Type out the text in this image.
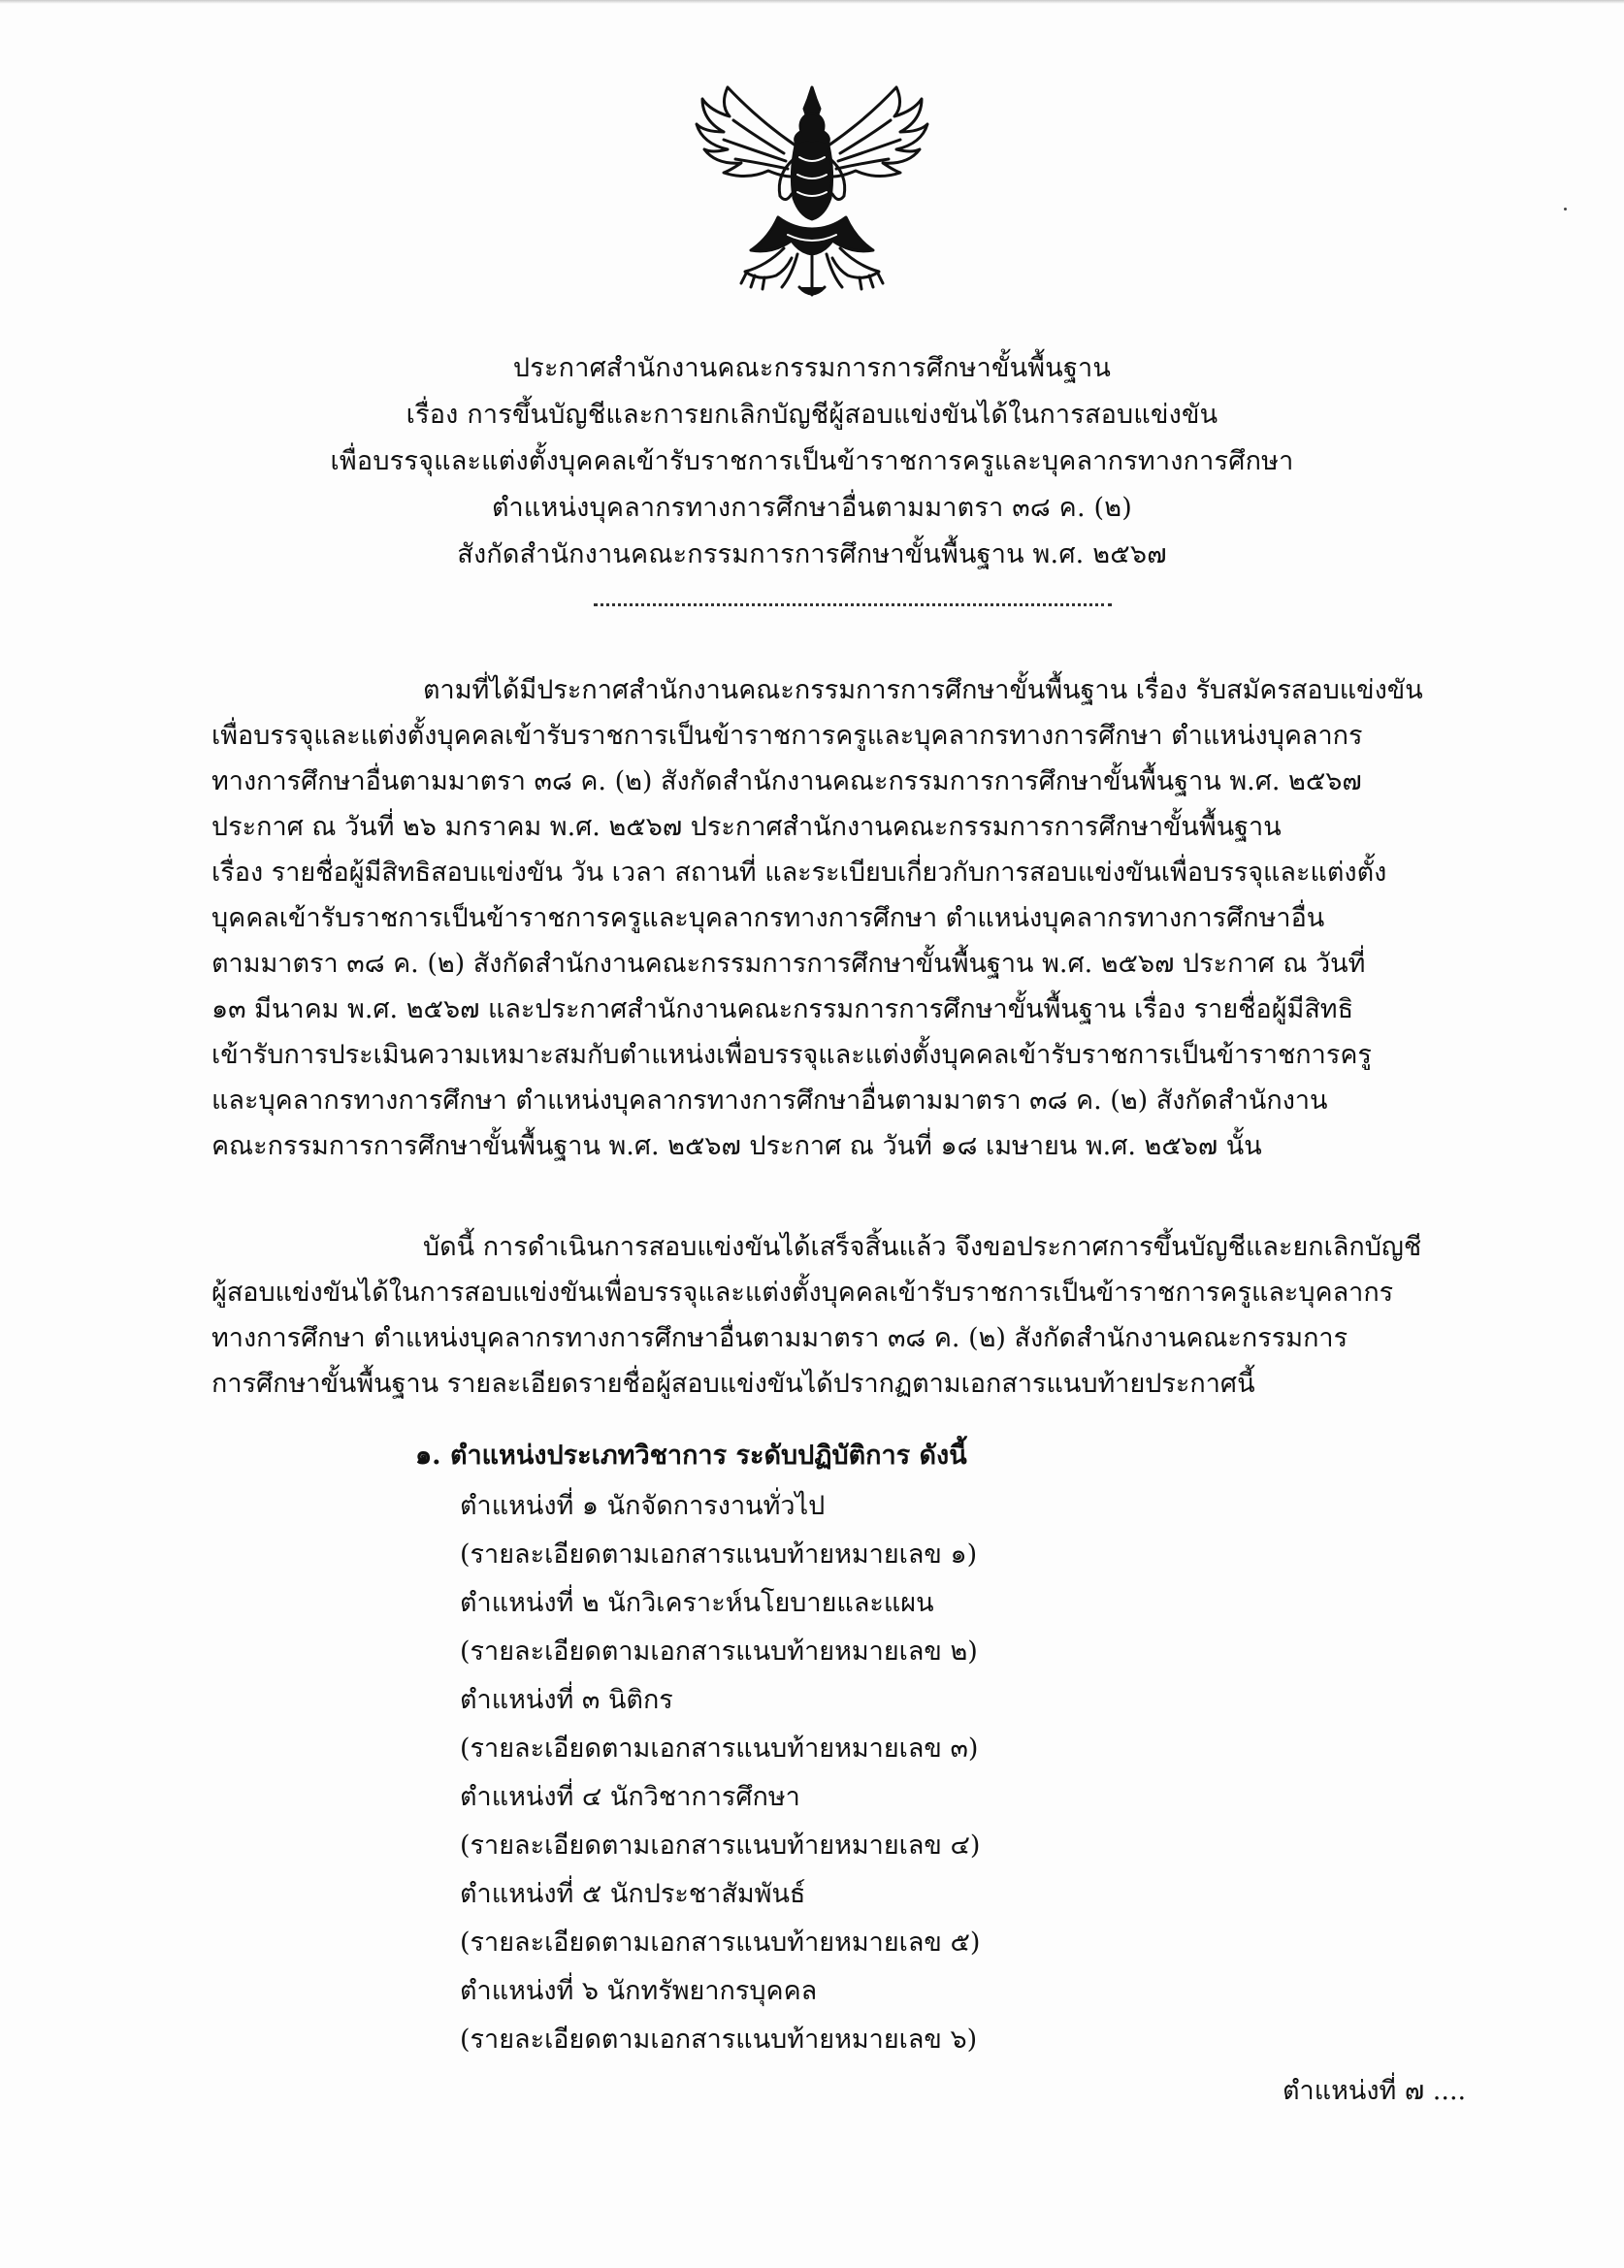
ประกาศสำนักงานคณะกรรมการการศึกษาขั้นพื้นฐาน
เรื่อง การขึ้นบัญชีและการยกเลิกบัญชีผู้สอบแข่งขันได้ในการสอบแข่งขัน
เพื่อบรรจุและแต่งตั้งบุคคลเข้ารับราชการเป็นข้าราชการครูและบุคลากรทางการศึกษา
ตำแหน่งบุคลากรทางการศึกษาอื่นตามมาตรา ๓๘ ค. (๒)
สังกัดสำนักงานคณะกรรมการการศึกษาขั้นพื้นฐาน พ.ศ. ๒๕๖๗
ตามที่ได้มีประกาศสำนักงานคณะกรรมการการศึกษาขั้นพื้นฐาน เรื่อง รับสมัครสอบแข่งขัน
เพื่อบรรจุและแต่งตั้งบุคคลเข้ารับราชการเป็นข้าราชการครูและบุคลากรทางการศึกษา ตำแหน่งบุคลากร
ทางการศึกษาอื่นตามมาตรา ๓๘ ค. (๒) สังกัดสำนักงานคณะกรรมการการศึกษาขั้นพื้นฐาน พ.ศ. ๒๕๖๗
ประกาศ ณ วันที่ ๒๖ มกราคม พ.ศ. ๒๕๖๗ ประกาศสำนักงานคณะกรรมการการศึกษาขั้นพื้นฐาน
เรื่อง รายชื่อผู้มีสิทธิสอบแข่งขัน วัน เวลา สถานที่ และระเบียบเกี่ยวกับการสอบแข่งขันเพื่อบรรจุและแต่งตั้ง
บุคคลเข้ารับราชการเป็นข้าราชการครูและบุคลากรทางการศึกษา ตำแหน่งบุคลากรทางการศึกษาอื่น
ตามมาตรา ๓๘ ค. (๒) สังกัดสำนักงานคณะกรรมการการศึกษาขั้นพื้นฐาน พ.ศ. ๒๕๖๗ ประกาศ ณ วันที่
๑๓ มีนาคม พ.ศ. ๒๕๖๗ และประกาศสำนักงานคณะกรรมการการศึกษาขั้นพื้นฐาน เรื่อง รายชื่อผู้มีสิทธิ
เข้ารับการประเมินความเหมาะสมกับตำแหน่งเพื่อบรรจุและแต่งตั้งบุคคลเข้ารับราชการเป็นข้าราชการครู
และบุคลากรทางการศึกษา ตำแหน่งบุคลากรทางการศึกษาอื่นตามมาตรา ๓๘ ค. (๒) สังกัดสำนักงาน
คณะกรรมการการศึกษาขั้นพื้นฐาน พ.ศ. ๒๕๖๗ ประกาศ ณ วันที่ ๑๘ เมษายน พ.ศ. ๒๕๖๗ นั้น
บัดนี้ การดำเนินการสอบแข่งขันได้เสร็จสิ้นแล้ว จึงขอประกาศการขึ้นบัญชีและยกเลิกบัญชี
ผู้สอบแข่งขันได้ในการสอบแข่งขันเพื่อบรรจุและแต่งตั้งบุคคลเข้ารับราชการเป็นข้าราชการครูและบุคลากร
ทางการศึกษา ตำแหน่งบุคลากรทางการศึกษาอื่นตามมาตรา ๓๘ ค. (๒) สังกัดสำนักงานคณะกรรมการ
การศึกษาขั้นพื้นฐาน รายละเอียดรายชื่อผู้สอบแข่งขันได้ปรากฏตามเอกสารแนบท้ายประกาศนี้
๑. ตำแหน่งประเภทวิชาการ ระดับปฏิบัติการ ดังนี้
ตำแหน่งที่ ๑ นักจัดการงานทั่วไป
(รายละเอียดตามเอกสารแนบท้ายหมายเลข ๑)
ตำแหน่งที่ ๒ นักวิเคราะห์นโยบายและแผน
(รายละเอียดตามเอกสารแนบท้ายหมายเลข ๒)
ตำแหน่งที่ ๓ นิติกร
(รายละเอียดตามเอกสารแนบท้ายหมายเลข ๓)
ตำแหน่งที่ ๔ นักวิชาการศึกษา
(รายละเอียดตามเอกสารแนบท้ายหมายเลข ๔)
ตำแหน่งที่ ๕ นักประชาสัมพันธ์
(รายละเอียดตามเอกสารแนบท้ายหมายเลข ๕)
ตำแหน่งที่ ๖ นักทรัพยากรบุคคล
(รายละเอียดตามเอกสารแนบท้ายหมายเลข ๖)
ตำแหน่งที่ ๗ ....
